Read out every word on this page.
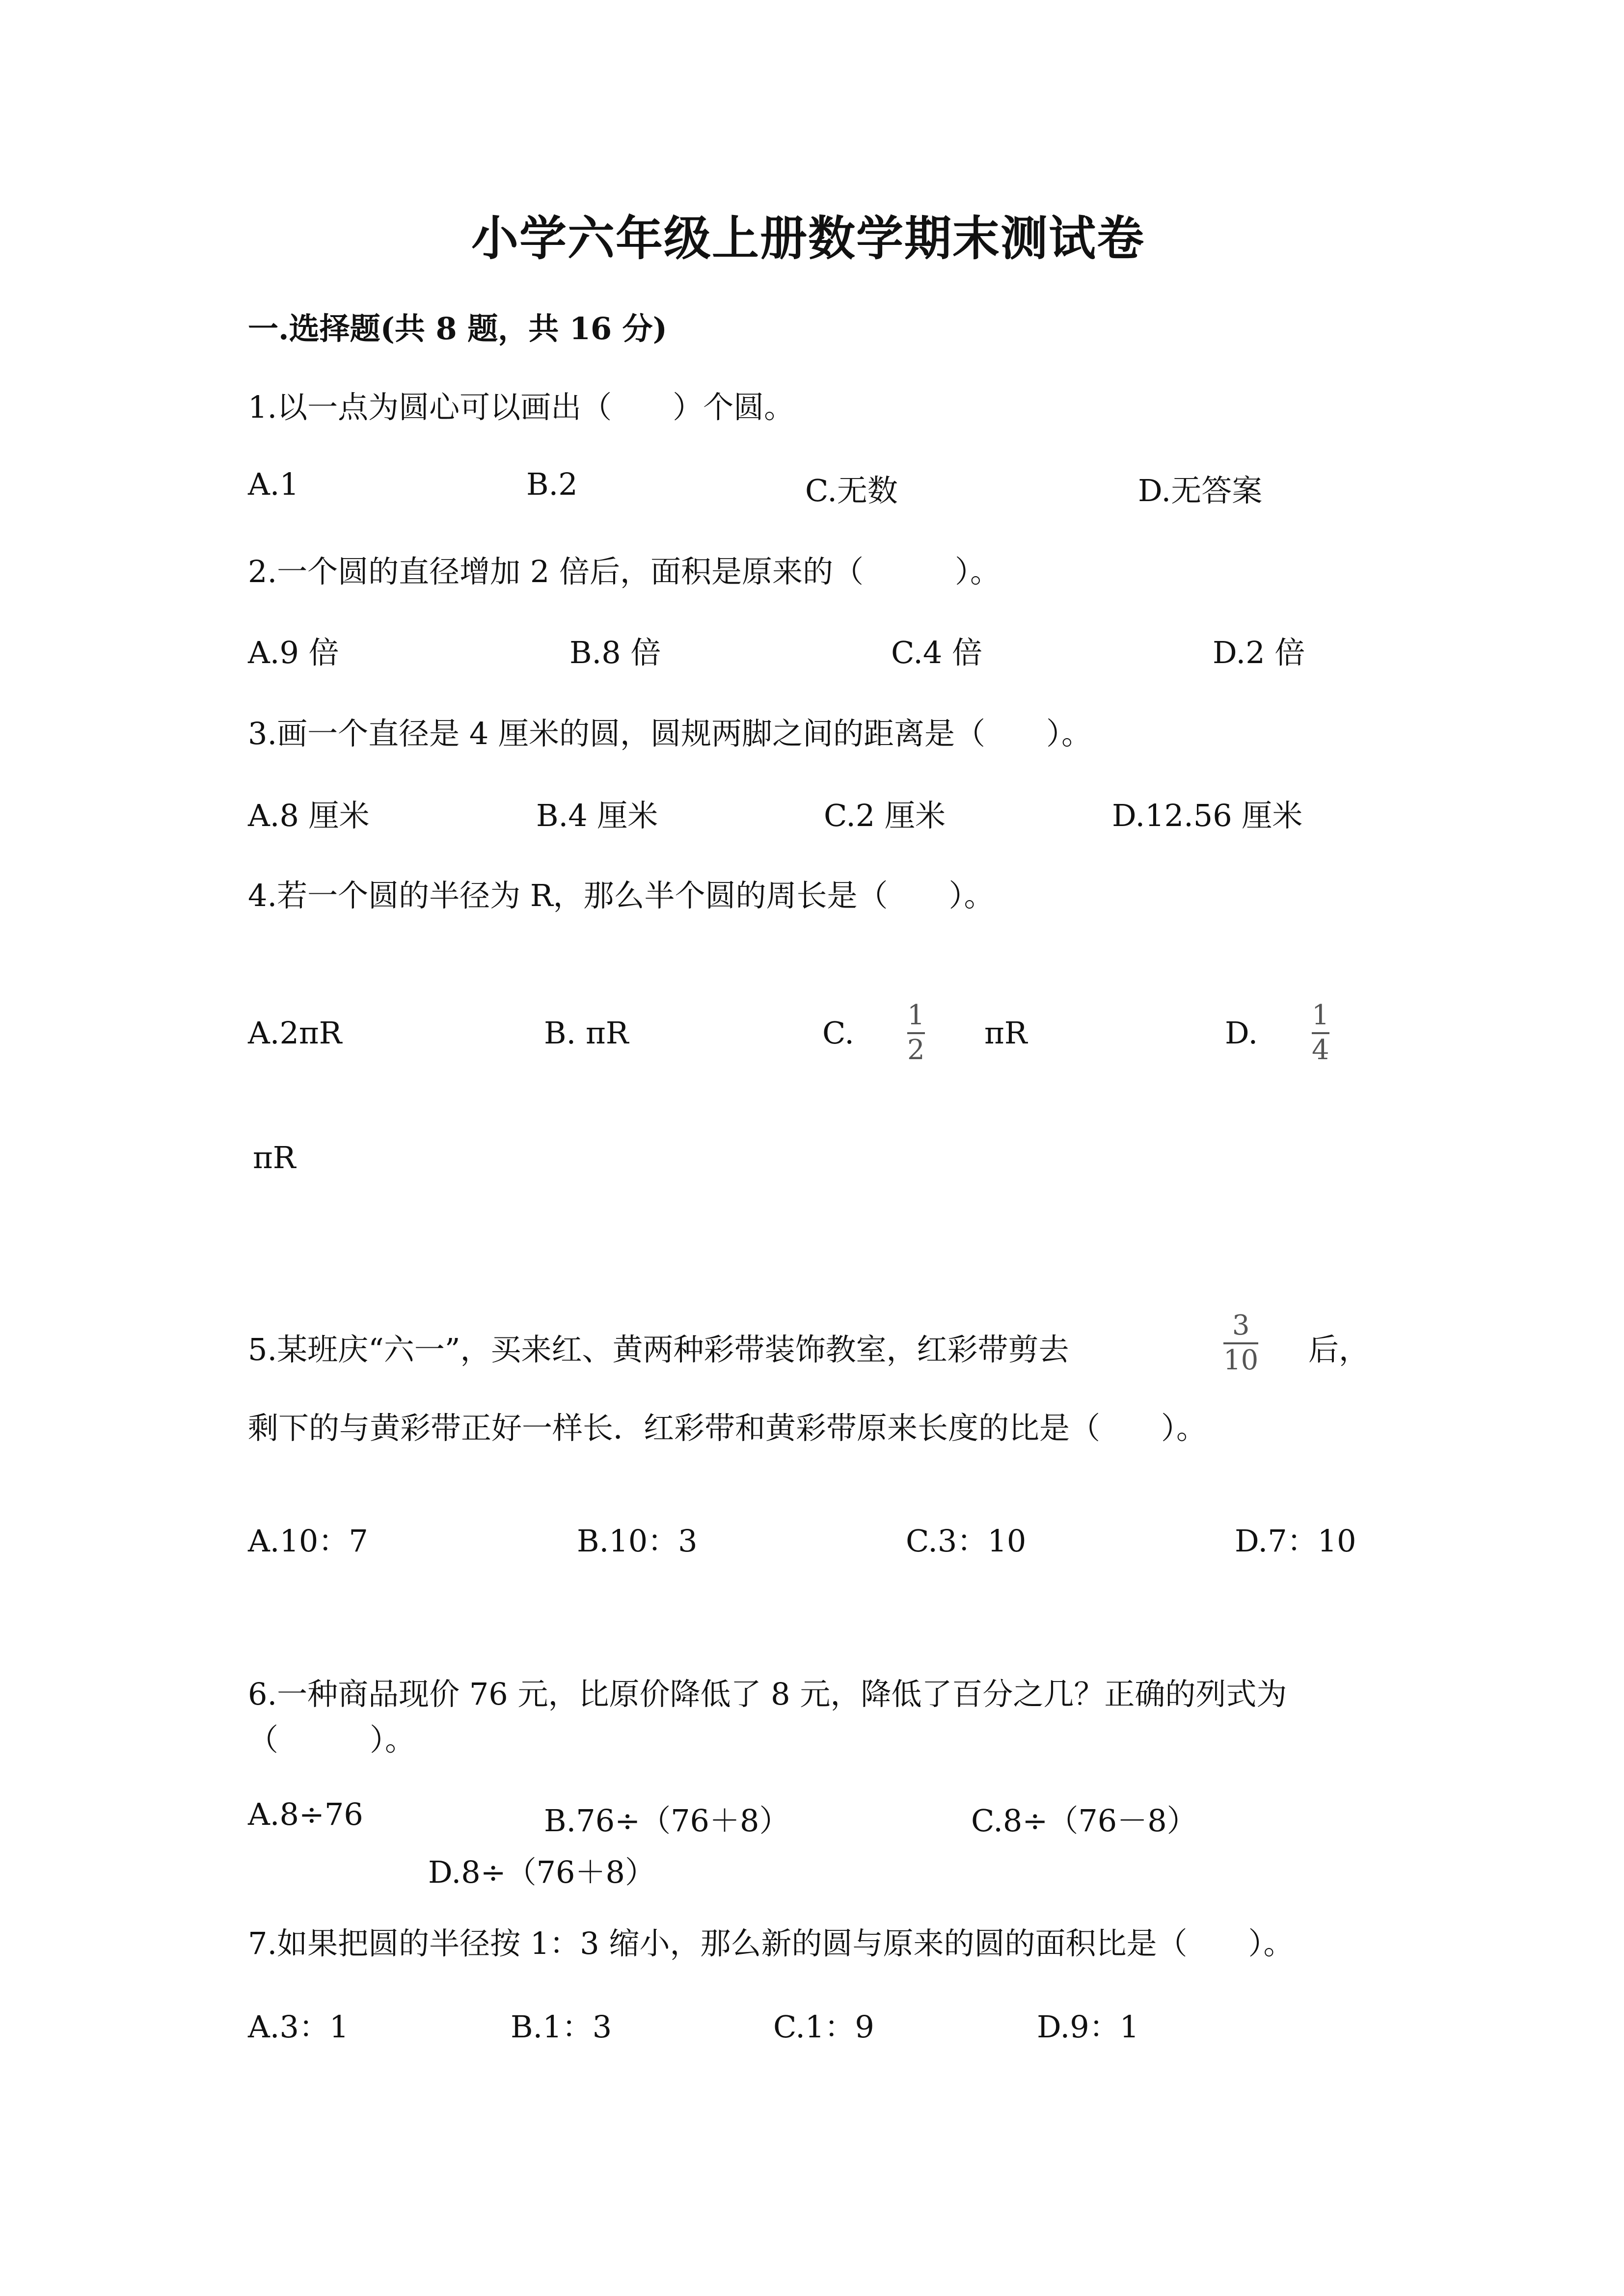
小学六年级上册数学期末测试卷
一.选择题(共 8 题，共 16 分)
1.以一点为圆心可以画出（　　）个圆。
A.1	B.2	C.无数	D.无答案
2.一个圆的直径增加 2 倍后，面积是原来的（　　　）。
A.9 倍	B.8 倍	C.4 倍	D.2 倍
3.画一个直径是 4 厘米的圆，圆规两脚之间的距离是（　　）。
A.8 厘米	B.4 厘米	C.2 厘米	D.12.56 厘米
4.若一个圆的半径为 R，那么半个圆的周长是（　　）。
A.2πR	B. πR	C. 1
2 πR	D. 1
4
πR
5.某班庆“六一”，买来红、黄两种彩带装饰教室，红彩带剪去
3
10 后，
剩下的与黄彩带正好一样长．红彩带和黄彩带原来长度的比是（　　）。
A.10：7	B.10：3	C.3：10	D.7：10
6.一种商品现价 76 元，比原价降低了 8 元，降低了百分之几？正确的列式为
（　　　）。
A.8÷76	B.76÷（76＋8）	C.8÷（76－8）
D.8÷（76＋8）
7.如果把圆的半径按 1：3 缩小，那么新的圆与原来的圆的面积比是（　　）。
A.3：1	B.1：3	C.1：9	D.9：1
